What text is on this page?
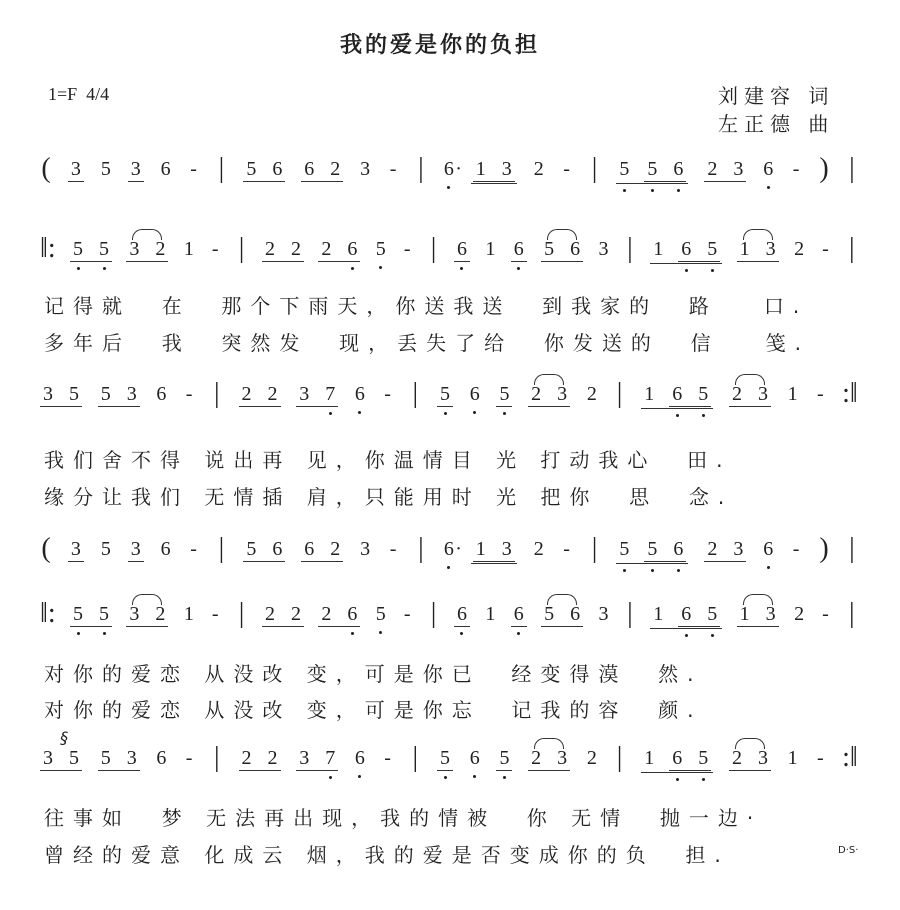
我的爱是你的负担
1=F  4/4	刘建容 词
左正德 曲
( 3 5 3 6 - | 5 6 6 2 3 - | 6 · 1 3 2 - | 5 5 6 2 3 6 - ) |
‖: 5 5 3 2 1 - | 2 2 2 6 5 - | 6 1 6 5 6 3 | 1 6 5 1 3 2 - |
记得就  在  那个下雨天，你送我送  到我家的  路   口.
多年后  我  突然发  现，丢失了给  你发送的  信   笺.
3 5 5 3 6 - | 2 2 3 7 6 - | 5 6 5 2 3 2 | 1 6 5 2 3 1 - :‖
我们舍不得 说出再 见，你温情目 光 打动我心  田.
缘分让我们 无情插 肩，只能用时 光 把你  思  念.
( 3 5 3 6 - | 5 6 6 2 3 - | 6 · 1 3 2 - | 5 5 6 2 3 6 - ) |
‖: 5 5 3 2 1 - | 2 2 2 6 5 - | 6 1 6 5 6 3 | 1 6 5 1 3 2 - |
对你的爱恋 从没改 变，可是你已  经变得漠  然.
对你的爱恋 从没改 变，可是你忘  记我的容  颜.
§
3 5 5 3 6 - | 2 2 3 7 6 - | 5 6 5 2 3 2 | 1 6 5 2 3 1 - :‖
往事如  梦 无法再出现，我的情被  你 无情  抛一边·
曾经的爱意 化成云 烟，我的爱是否变成你的负  担.	D·S·
